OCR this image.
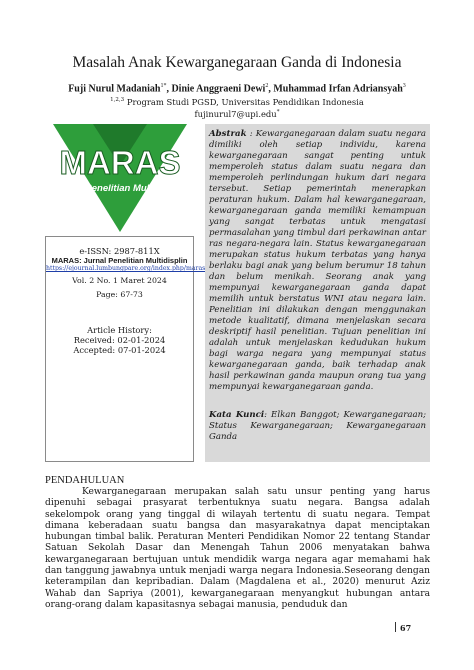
Masalah Anak Kewarganegaraan Ganda di Indonesia
Fuji Nurul Madaniah$^{1*}$, Dinie Anggraeni Dewi$^2$, Muhammad Irfan Adriansyah$^3$
$^{1,2,3}$ Program Studi PGSD, Universitas Pendidikan Indonesia
fujinurul7@upi.edu*
MARAS
Jurnal Penelitian Multidisplin
e-ISSN: 2987-811X
MARAS: Jurnal Penelitian Multidisplin
https://ejournal.lumbungpare.org/index.php/maras
Vol. 2 No. 1 Maret 2024
Page: 67-73
Article History:
Received: 02-01-2024
Accepted: 07-01-2024

Abstrak : Kewarganegaraan dalam suatu negara dimiliki oleh setiap individu, karena kewarganegaraan sangat penting untuk memperoleh status dalam suatu negara dan memperoleh perlindungan hukum dari negara tersebut. Setiap pemerintah menerapkan peraturan hukum. Dalam hal kewarganegaraan, kewarganegaraan ganda memiliki kemampuan yang sangat terbatas untuk mengatasi permasalahan yang timbul dari perkawinan antar ras negara-negara lain. Status kewarganegaraan merupakan status hukum terbatas yang hanya berlaku bagi anak yang belum berumur 18 tahun dan belum menikah. Seorang anak yang mempunyai kewarganegaraan ganda dapat memilih untuk berstatus WNI atau negara lain. Penelitian ini dilakukan dengan menggunakan metode kualitatif, dimana menjelaskan secara deskriptif hasil penelitian. Tujuan penelitian ini adalah untuk menjelaskan kedudukan hukum bagi warga negara yang mempunyai status kewarganegaraan ganda, baik terhadap anak hasil perkawinan ganda maupun orang tua yang mempunyai kewarganegaraan ganda.

Kata Kunci: Elkan Banggot; Kewarganegaraan; Status Kewarganegaraan; Kewarganegaraan Ganda

PENDAHULUAN

Kewarganegaraan merupakan salah satu unsur penting yang harus dipenuhi sebagai prasyarat terbentuknya suatu negara. Bangsa adalah sekelompok orang yang tinggal di wilayah tertentu di suatu negara. Tempat dimana keberadaan suatu bangsa dan masyarakatnya dapat menciptakan hubungan timbal balik. Peraturan Menteri Pendidikan Nomor 22 tentang Standar Satuan Sekolah Dasar dan Menengah Tahun 2006 menyatakan bahwa kewarganegaraan bertujuan untuk mendidik warga negara agar memahami hak dan tanggung jawabnya untuk menjadi warga negara Indonesia.Seseorang dengan keterampilan dan kepribadian. Dalam (Magdalena et al., 2020) menurut Aziz Wahab dan Sapriya (2001), kewarganegaraan menyangkut hubungan antara orang-orang dalam kapasitasnya sebagai manusia, penduduk dan

67
